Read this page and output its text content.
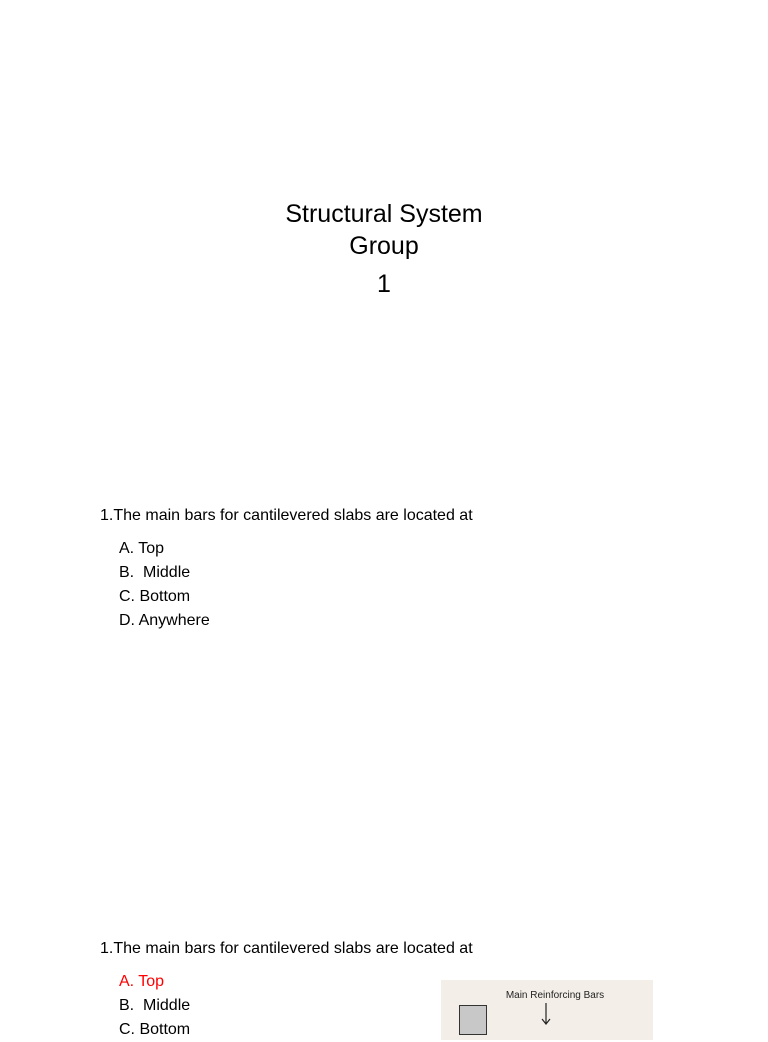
Structural System
Group
1
1.The main bars for cantilevered slabs are located at
A. Top
B.  Middle
C. Bottom
D. Anywhere
1.The main bars for cantilevered slabs are located at
A. Top
B.  Middle
C. Bottom
Main Reinforcing Bars
